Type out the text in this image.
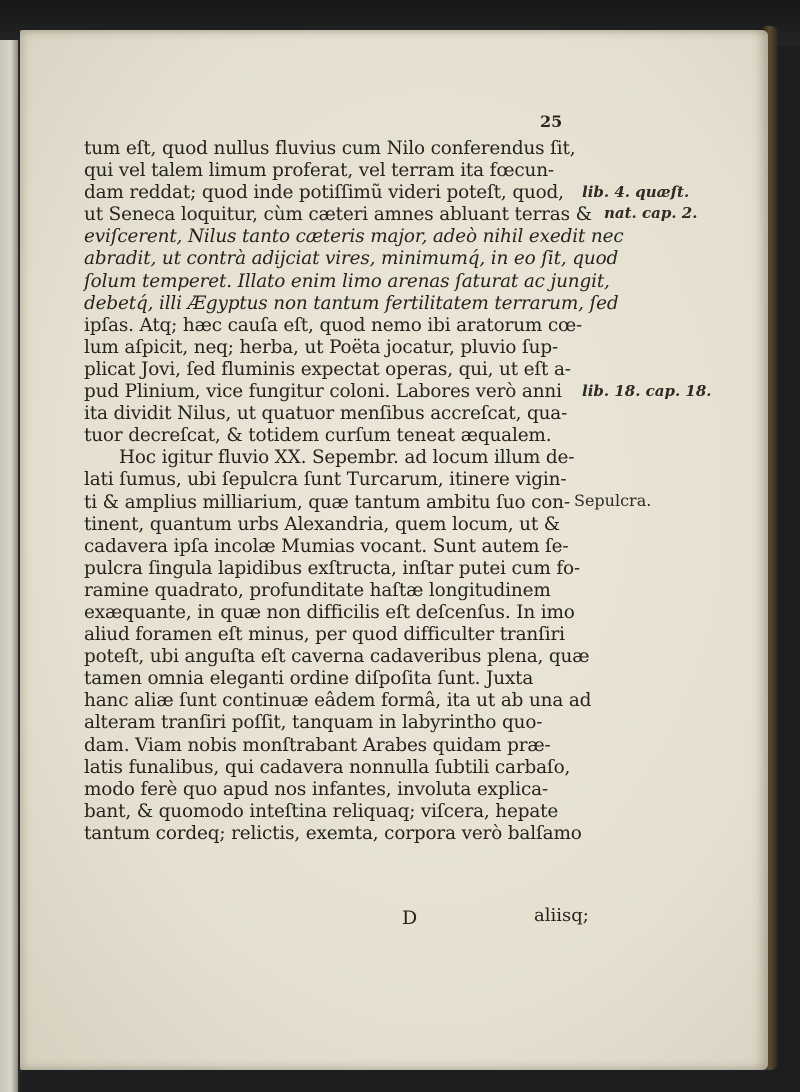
25
tum eſt, quod nullus fluvius cum Nilo conferendus ſit,
qui vel talem limum proferat, vel terram ita fœcun-
dam reddat; quod inde potiſſimũ videri poteſt, quod,
ut Seneca loquitur, cùm cæteri amnes abluant terras &
eviſcerent, Nilus tanto cæteris major, adeò nihil exedit nec
abradit, ut contrà adijciat vires, minimumq́, in eo ſit, quod
ſolum temperet. Illato enim limo arenas ſaturat ac jungit,
debetq́, illi Ægyptus non tantum fertilitatem terrarum, ſed
ipſas. Atq; hæc cauſa eſt, quod nemo ibi aratorum cœ-
lum aſpicit, neq; herba, ut Poëta jocatur, pluvio ſup-
plicat Jovi, ſed fluminis expectat operas, qui, ut eſt a-
pud Plinium, vice fungitur coloni. Labores verò anni
ita dividit Nilus, ut quatuor menſibus accreſcat, qua-
tuor decreſcat, & totidem curſum teneat æqualem.
Hoc igitur fluvio XX. Sepembr. ad locum illum de-
lati ſumus, ubi ſepulcra ſunt Turcarum, itinere vigin-
ti & amplius milliarium, quæ tantum ambitu ſuo con-
tinent, quantum urbs Alexandria, quem locum, ut &
cadavera ipſa incolæ Mumias vocant. Sunt autem ſe-
pulcra ſingula lapidibus exſtructa, inſtar putei cum fo-
ramine quadrato, profunditate haſtæ longitudinem
exæquante, in quæ non difficilis eſt deſcenſus. In imo
aliud foramen eſt minus, per quod difficulter tranſiri
poteſt, ubi anguſta eſt caverna cadaveribus plena, quæ
tamen omnia eleganti ordine diſpoſita ſunt. Juxta
hanc aliæ ſunt continuæ eâdem formâ, ita ut ab una ad
alteram tranſiri poſſit, tanquam in labyrintho quo-
dam. Viam nobis monſtrabant Arabes quidam præ-
latis funalibus, qui cadavera nonnulla ſubtili carbaſo,
modo ferè quo apud nos infantes, involuta explica-
bant, & quomodo inteſtina reliquaq; viſcera, hepate
tantum cordeq; relictis, exemta, corpora verò balſamo
lib. 4. quæſt.
nat. cap. 2.
lib. 18. cap. 18.
Sepulcra.
D	aliisq;
